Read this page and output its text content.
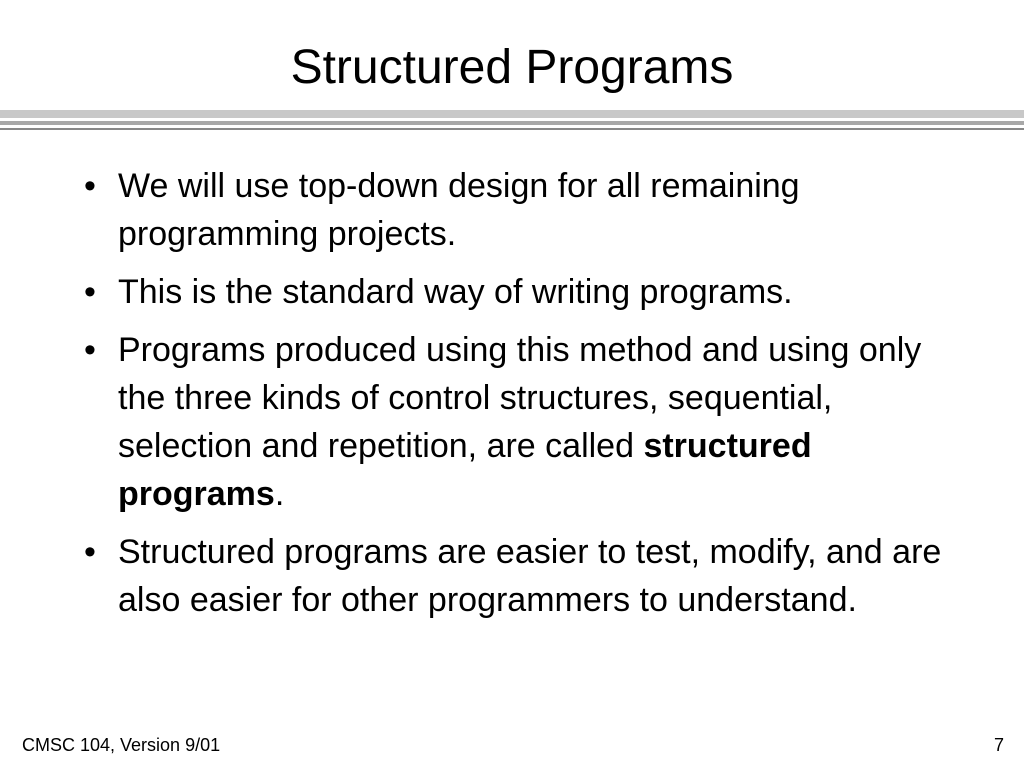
Structured Programs
• We will use top-down design for all remaining programming projects.
• This is the standard way of writing programs.
• Programs produced using this method and using only the three kinds of control structures, sequential, selection and repetition, are called structured programs.
• Structured programs are easier to test, modify, and are also easier for other programmers to understand.
CMSC 104, Version 9/01	7
